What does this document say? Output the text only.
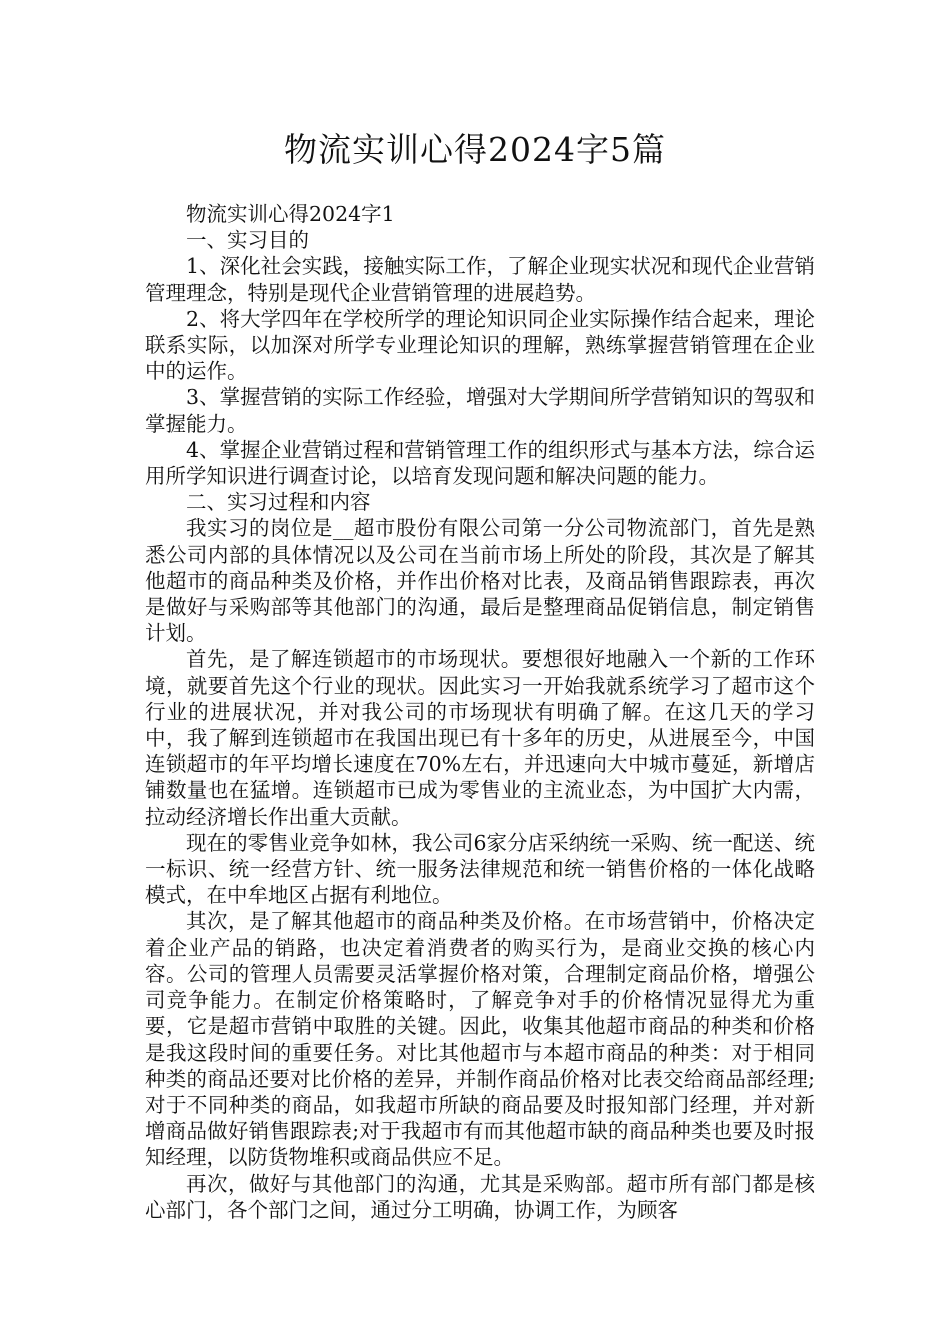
物流实训心得2024字5篇

物流实训心得2024字1

一、实习目的

1、深化社会实践，接触实际工作，了解企业现实状况和现代企业营销管理理念，特别是现代企业营销管理的进展趋势。

2、将大学四年在学校所学的理论知识同企业实际操作结合起来，理论联系实际，以加深对所学专业理论知识的理解，熟练掌握营销管理在企业中的运作。

3、掌握营销的实际工作经验，增强对大学期间所学营销知识的驾驭和掌握能力。

4、掌握企业营销过程和营销管理工作的组织形式与基本方法，综合运用所学知识进行调查讨论，以培育发现问题和解决问题的能力。

二、实习过程和内容

我实习的岗位是__超市股份有限公司第一分公司物流部门，首先是熟悉公司内部的具体情况以及公司在当前市场上所处的阶段，其次是了解其他超市的商品种类及价格，并作出价格对比表，及商品销售跟踪表，再次是做好与采购部等其他部门的沟通，最后是整理商品促销信息，制定销售计划。

首先，是了解连锁超市的市场现状。要想很好地融入一个新的工作环境，就要首先这个行业的现状。因此实习一开始我就系统学习了超市这个行业的进展状况，并对我公司的市场现状有明确了解。在这几天的学习中，我了解到连锁超市在我国出现已有十多年的历史，从进展至今，中国连锁超市的年平均增长速度在70%左右，并迅速向大中城市蔓延，新增店铺数量也在猛增。连锁超市已成为零售业的主流业态，为中国扩大内需，拉动经济增长作出重大贡献。

现在的零售业竞争如林，我公司6家分店采纳统一采购、统一配送、统一标识、统一经营方针、统一服务法律规范和统一销售价格的一体化战略模式，在中牟地区占据有利地位。

其次，是了解其他超市的商品种类及价格。在市场营销中，价格决定着企业产品的销路，也决定着消费者的购买行为，是商业交换的核心内容。公司的管理人员需要灵活掌握价格对策，合理制定商品价格，增强公司竞争能力。在制定价格策略时，了解竞争对手的价格情况显得尤为重要，它是超市营销中取胜的关键。因此，收集其他超市商品的种类和价格是我这段时间的重要任务。对比其他超市与本超市商品的种类：对于相同种类的商品还要对比价格的差异，并制作商品价格对比表交给商品部经理;对于不同种类的商品，如我超市所缺的商品要及时报知部门经理，并对新增商品做好销售跟踪表;对于我超市有而其他超市缺的商品种类也要及时报知经理，以防货物堆积或商品供应不足。

再次，做好与其他部门的沟通，尤其是采购部。超市所有部门都是核心部门，各个部门之间，通过分工明确，协调工作，为顾客
